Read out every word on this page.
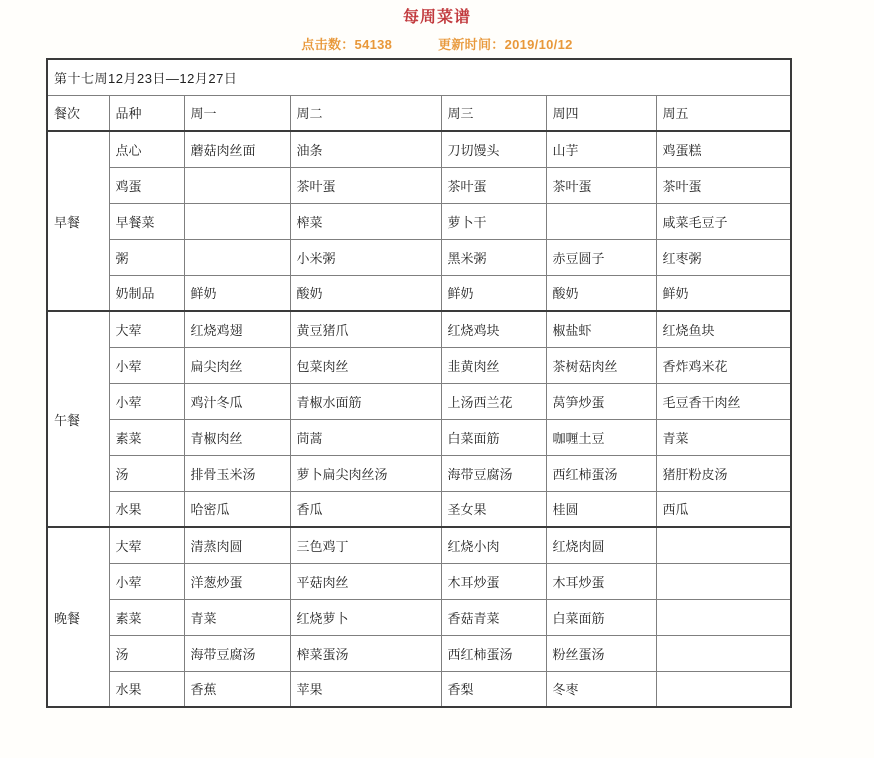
每周菜谱
点击数：54138	更新时间：2019/10/12
第十七周12月23日—12月27日						
餐次	品种	周一	周二	周三	周四	周五
早餐	点心	蘑菇肉丝面	油条	刀切馒头	山芋	鸡蛋糕
	鸡蛋		茶叶蛋	茶叶蛋	茶叶蛋	茶叶蛋
	早餐菜		榨菜	萝卜干		咸菜毛豆子
	粥		小米粥	黑米粥	赤豆圆子	红枣粥
	奶制品	鲜奶	酸奶	鲜奶	酸奶	鲜奶
午餐	大荤	红烧鸡翅	黄豆猪爪	红烧鸡块	椒盐虾	红烧鱼块
	小荤	扁尖肉丝	包菜肉丝	韭黄肉丝	茶树菇肉丝	香炸鸡米花
	小荤	鸡汁冬瓜	青椒水面筋	上汤西兰花	莴笋炒蛋	毛豆香干肉丝
	素菜	青椒肉丝	茼蒿	白菜面筋	咖喱土豆	青菜
	汤	排骨玉米汤	萝卜扁尖肉丝汤	海带豆腐汤	西红柿蛋汤	猪肝粉皮汤
	水果	哈密瓜	香瓜	圣女果	桂圆	西瓜
晚餐	大荤	清蒸肉圆	三色鸡丁	红烧小肉	红烧肉圆	
	小荤	洋葱炒蛋	平菇肉丝	木耳炒蛋	木耳炒蛋	
	素菜	青菜	红烧萝卜	香菇青菜	白菜面筋	
	汤	海带豆腐汤	榨菜蛋汤	西红柿蛋汤	粉丝蛋汤	
	水果	香蕉	苹果	香梨	冬枣	
